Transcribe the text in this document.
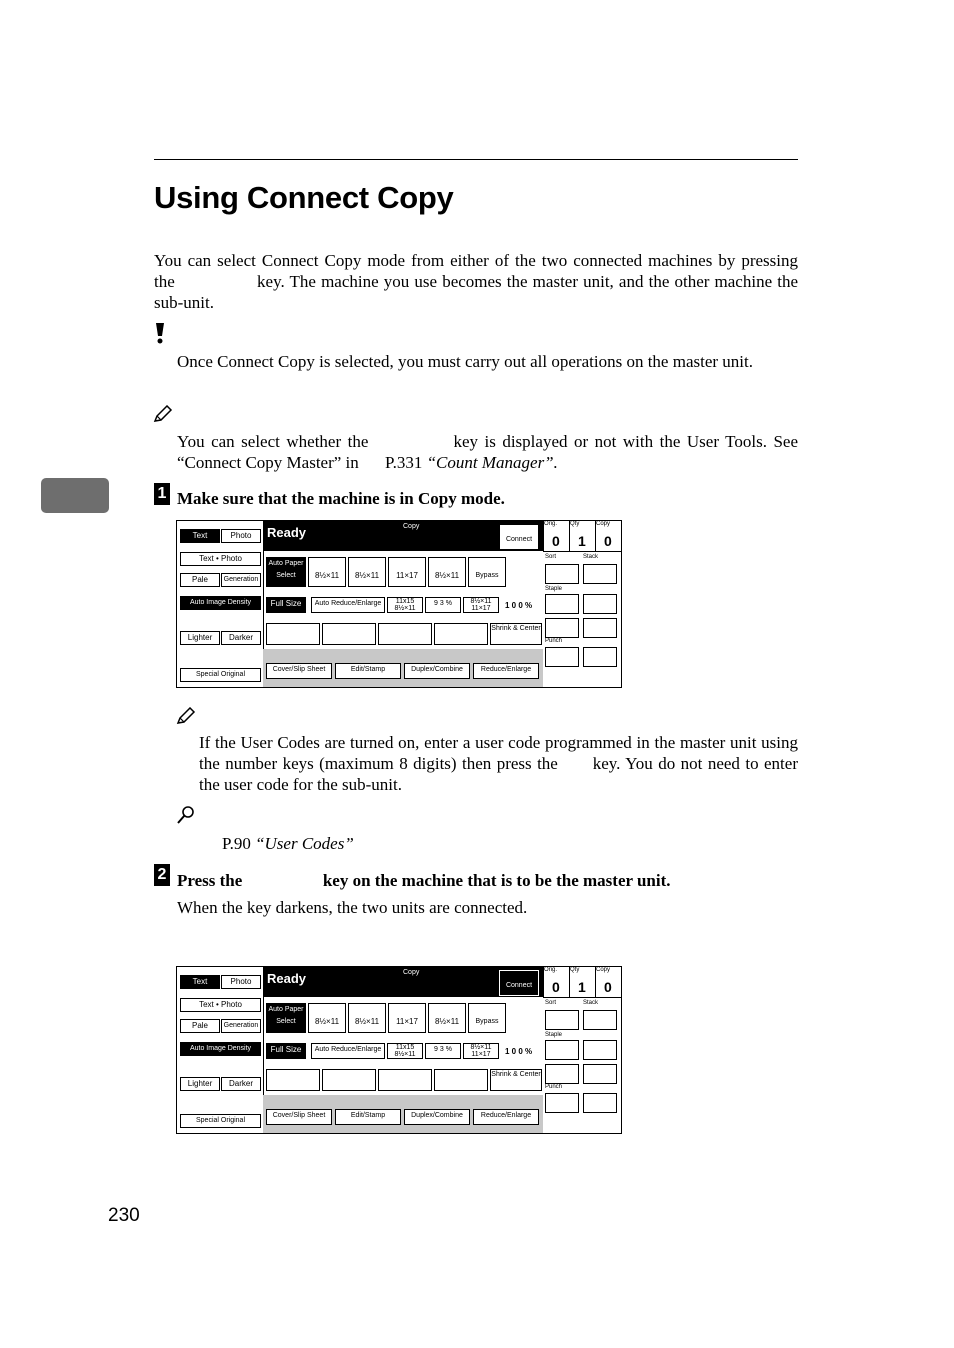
Using Connect Copy
You can select Connect Copy mode from either of the two connected machines by pressing the	key. The machine you use becomes the master unit, and the other machine the sub-unit.
Once Connect Copy is selected, you must carry out all operations on the master unit.
You can select whether the	key is displayed or not with the User Tools. See “Connect Copy Master” in P.331 “Count Manager”.
1 Make sure that the machine is in Copy mode.
Text	Photo
Text • Photo
Pale	Generation
Auto Image Density
Lighter	Darker
Special Original
Ready	Copy
Connect
Orig.
0
Qty
1
Copy
0
Auto Paper Select	8½×11	8½×11	11×17	8½×11	Bypass
Full Size	Auto Reduce/Enlarge	11x15 8½×11
9 3 %	8½×11 11×17	1 0 0 %
Shrink & Center
Cover/Slip Sheet	Edit/Stamp	Duplex/Combine	Reduce/Enlarge
Sort	Stack
Staple
Punch
If the User Codes are turned on, enter a user code programmed in the master unit using the number keys (maximum 8 digits) then press the key. You do not need to enter the user code for the sub-unit.
P.90 “User Codes”
2 Press the	key on the machine that is to be the master unit.
When the key darkens, the two units are connected.
Text	Photo
Text • Photo
Pale	Generation
Auto Image Density
Lighter	Darker
Special Original
Ready	Copy
Connect
Orig.
0
Qty
1
Copy
0
Auto Paper Select	8½×11	8½×11	11×17	8½×11	Bypass
Full Size	Auto Reduce/Enlarge	11x15 8½×11
9 3 %	8½×11 11×17	1 0 0 %
Shrink & Center
Cover/Slip Sheet	Edit/Stamp	Duplex/Combine	Reduce/Enlarge
Sort	Stack
Staple
Punch
230
